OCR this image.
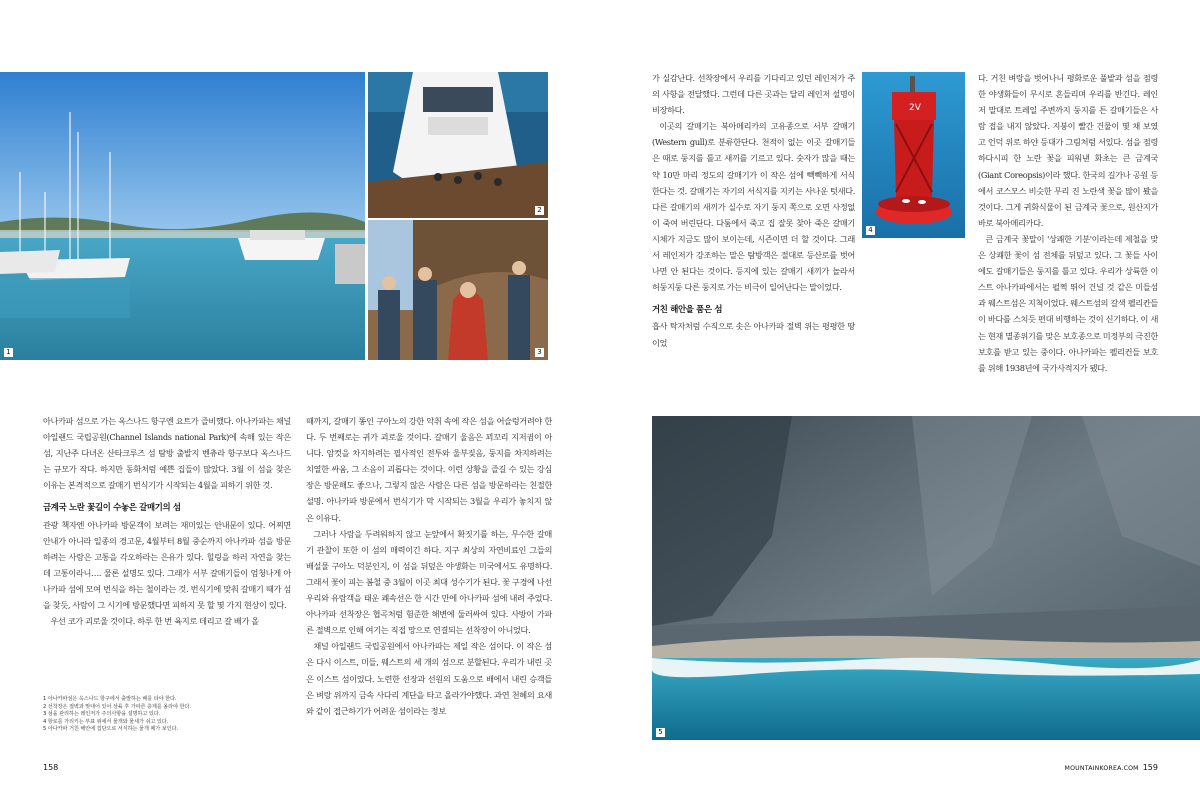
1
2
3
2V
4
5

가 실감난다. 선착장에서 우리를 기다리고 있던 레인저가 주의 사항을 전달했다. 그런데 다른 곳과는 달리 레인저 설명이 비장하다.

이곳의 갈매기는 북아메리카의 고유종으로 서부 갈매기(Western gull)로 분류한단다. 천적이 없는 이곳 갈매기들은 때로 둥지를 틀고 새끼를 기르고 있다. 숫자가 많을 때는 약 10만 마리 정도의 갈매기가 이 작은 섬에 빽빽하게 서식한다는 것. 갈매기는 자기의 서식지를 지키는 사나운 텃새다. 다른 갈매기의 새끼가 실수로 자기 둥지 쪽으로 오면 사정없이 죽여 버린단다. 다툼에서 죽고 집 잘못 찾아 죽은 갈매기 시체가 지금도 많이 보이는데, 시즌이면 더 할 것이다. 그래서 레인저가 강조하는 말은 탐방객은 절대로 등산로를 벗어나면 안 된다는 것이다. 등지에 있는 갈매기 새끼가 놀라서 허둥지둥 다른 둥지로 가는 비극이 일어난다는 말이었다.

거친 해안을 품은 섬

흡사 탁자처럼 수직으로 솟은 아나카파 절벽 위는 평평한 땅이었

다. 거친 벼랑을 벗어나니 평화로운 풀밭과 섬을 점령한 야생화들이 무시로 흔들리며 우리를 반긴다. 레인저 말대로 트레일 주변까지 둥지를 튼 갈매기들은 사람 접을 내지 않았다. 지붕이 빨간 건물이 몇 채 보였고 언덕 위로 하얀 등대가 그림처럼 서있다. 섬을 점령하다시피 한 노란 꽃을 피워낸 화초는 큰 금계국(Giant Coreopsis)이라 했다. 한국의 길가나 공원 등에서 코스모스 비슷한 무리 진 노란색 꽃을 많이 봤을 것이다. 그게 귀화식물이 된 금계국 꽃으로, 원산지가 바로 북아메리카다.

큰 금계국 꽃말이 '상쾌한 기분'이라는데 제철을 맞은 상쾌한 꽃이 섬 전체를 뒤덮고 있다. 그 꽃들 사이에도 갈매기들은 둥지를 틀고 있다. 우리가 상륙한 이스트 아나카파에서는 펄쩍 뛰어 건널 것 같은 미들섬과 웨스트섬은 지척이었다. 웨스트섬의 갈색 펠리칸들이 바다를 스치듯 편대 비행하는 것이 신기하다. 이 새는 현재 멸종위기를 맞은 보호종으로 미정부의 극진한 보호를 받고 있는 중이다. 아나카파는 펠리컨들 보호를 위해 1938년에 국가사적지가 됐다.

아나카파 섬으로 가는 옥스나드 항구엔 요트가 즐비했다. 아나카파는 채널 아일랜드 국립공원(Channel Islands national Park)에 속해 있는 작은 섬, 지난주 다녀온 산타크루즈 섬 탐방 출발지 벤츄라 항구보다 옥스나드는 규모가 작다. 하지만 동화처럼 예쁜 집들이 많았다. 3월 이 섬을 찾은 이유는 본격적으로 갈매기 번식기가 시작되는 4월을 피하기 위한 것.

금계국 노란 꽃길이 수놓은 갈매기의 섬

관광 책자엔 아나카파 방문객이 보려는 재미있는 안내문이 있다. 어찌면 안내가 아니라 일종의 경고문, 4월부터 8월 중순까지 아나카파 섬을 방문하려는 사람은 고통을 각오하라는 은유가 있다. 힐링을 하러 자연을 찾는데 고통이라니…. 물론 설명도 있다. 그래가 서부 갈매기들이 엄청나게 아나카파 섬에 모여 번식을 하는 철이라는 것. 번식기에 맞춰 갈매기 때가 섬을 찾듯, 사람이 그 시기에 방문했다면 피하지 못 할 몇 가지 현상이 있다.

우선 코가 괴로울 것이다. 하루 한 번 육지로 데리고 갈 배가 올

때까지, 갈매기 똥인 구아노의 강한 악취 속에 작은 섬을 어슬렁거려야 한다. 두 번째로는 귀가 괴로울 것이다. 갈매기 울음은 꾀꼬리 지저귐이 아니다. 암컷을 차지하려는 필사적인 전투와 울부짖음, 둥지를 차지하려는 치열한 싸움, 그 소음이 괴롭다는 것이다. 이런 상황을 즐길 수 있는 강심장은 방문해도 좋으나, 그렇지 않은 사람은 다른 섬을 방문하라는 친절한 설명. 아나카파 방문에서 번식기가 막 시작되는 3월을 우리가 놓치지 않은 이유다.

그러나 사람을 두려워하지 않고 눈앞에서 확짓기를 하는, 무수한 갈매기 관찰이 또한 이 섬의 매력이긴 하다. 지구 최상의 자연비료인 그들의 배설물 구아노 덕분인지, 이 섬을 뒤덮은 야생화는 미국에서도 유명하다. 그래서 꽃이 피는 봄철 중 3월이 이곳 최대 성수기가 된다. 꽃 구경에 나선 우리와 유람객을 태운 쾌속선은 한 시간 만에 아나카파 섬에 내려 주었다. 아나카파 선착장은 협곡처럼 험준한 해변에 둘러싸여 있다. 사방이 가파른 절벽으로 인해 여기는 직접 망으로 연결되는 선착장이 아니었다.

채널 아일랜드 국립공원에서 아나카파는 제일 작은 섬이다. 이 작은 섬은 다시 이스트, 미들, 웨스트의 세 개의 섬으로 분할된다. 우리가 내린 곳은 이스트 섬이었다. 노련한 선장과 선원의 도움으로 배에서 내린 승객들은 벼랑 위까지 금속 사다리 계단을 타고 올라가야했다. 과연 천혜의 요새와 같이 접근하기가 어려운 섬이라는 정보

1 아나카파섬은 옥스나드 항구에서 출발하는 배를 타야 한다.
2 선착장은 절벽과 맞대어 있어 상륙 후 가파른 층계를 올라야 한다.
3 섬을 관리하는 레인저가 주의사항을 설명하고 있다.
4 항로를 가리키는 부표 위에서 물개와 물새가 쉬고 있다.
5 아나카파 거친 해안에 집단으로 서식하는 물개 떼가 보인다.
158	MOUNTAINKOREA.COM 159
